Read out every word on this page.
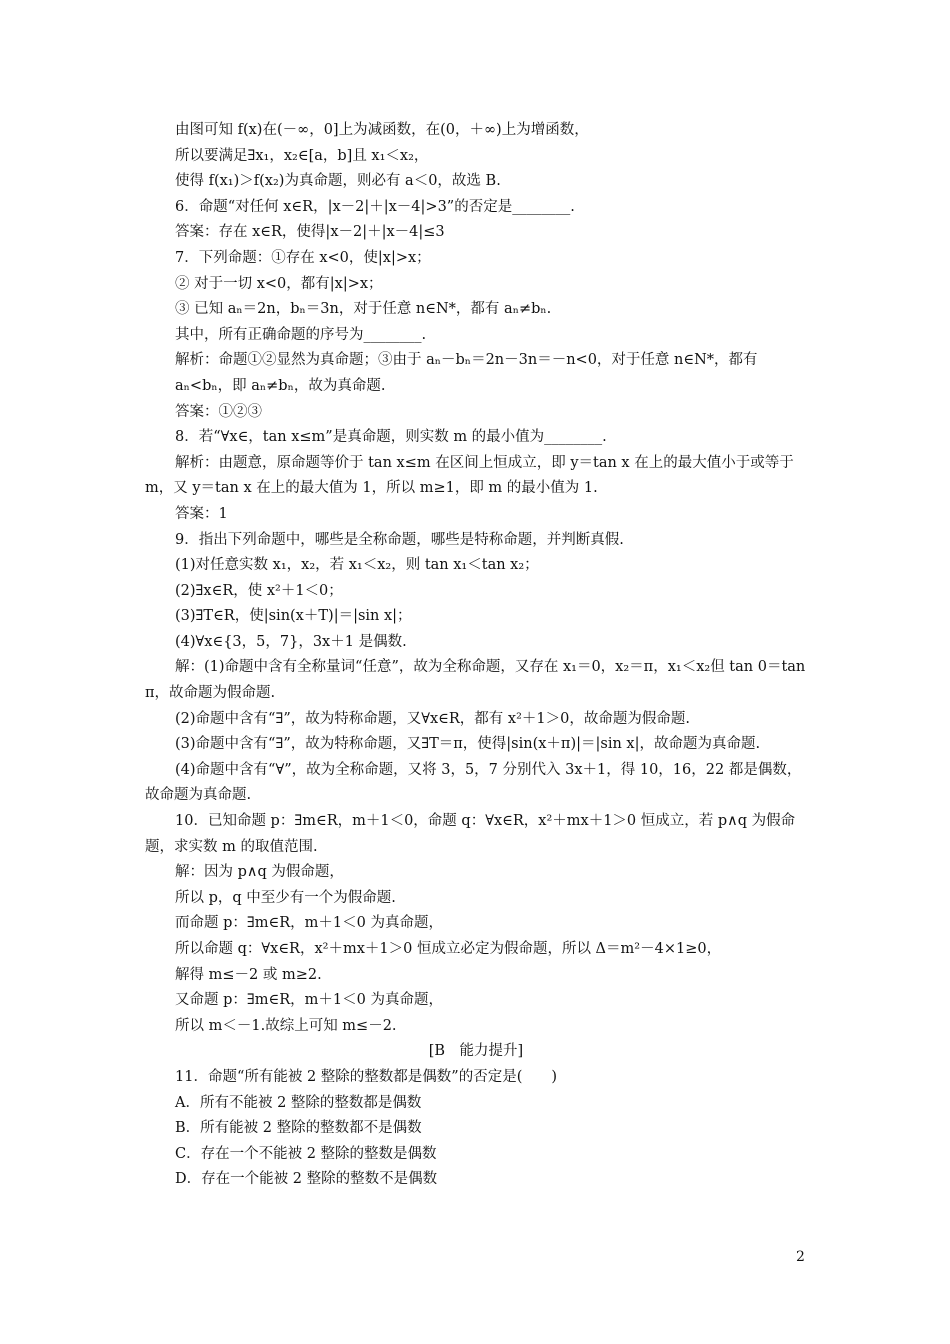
由图可知 f(x)在(－∞，0]上为减函数，在(0，＋∞)上为增函数，
所以要满足∃x₁，x₂∈[a，b]且 x₁＜x₂，
使得 f(x₁)＞f(x₂)为真命题，则必有 a＜0，故选 B.
6．命题“对任何 x∈R，|x－2|＋|x－4|>3”的否定是________.
答案：存在 x∈R，使得|x－2|＋|x－4|≤3
7．下列命题：①存在 x<0，使|x|>x；
② 对于一切 x<0，都有|x|>x；
③ 已知 aₙ＝2n，bₙ＝3n，对于任意 n∈N*，都有 aₙ≠bₙ.
其中，所有正确命题的序号为________.
解析：命题①②显然为真命题；③由于 aₙ－bₙ＝2n－3n＝－n<0，对于任意 n∈N*，都有 aₙ<bₙ，即 aₙ≠bₙ，故为真命题.
答案：①②③
8．若“∀x∈，tan x≤m”是真命题，则实数 m 的最小值为________.
解析：由题意，原命题等价于 tan x≤m 在区间上恒成立，即 y＝tan x 在上的最大值小于或等于 m，又 y＝tan x 在上的最大值为 1，所以 m≥1，即 m 的最小值为 1.
答案：1
9．指出下列命题中，哪些是全称命题，哪些是特称命题，并判断真假.
(1)对任意实数 x₁，x₂，若 x₁＜x₂，则 tan x₁＜tan x₂；
(2)∃x∈R，使 x²＋1＜0；
(3)∃T∈R，使|sin(x＋T)|＝|sin x|；
(4)∀x∈{3，5，7}，3x＋1 是偶数.
解：(1)命题中含有全称量词“任意”，故为全称命题，又存在 x₁＝0，x₂＝π，x₁＜x₂但 tan 0＝tan π，故命题为假命题.
(2)命题中含有“∃”，故为特称命题，又∀x∈R，都有 x²＋1＞0，故命题为假命题.
(3)命题中含有“∃”，故为特称命题，又∃T＝π，使得|sin(x＋π)|＝|sin x|，故命题为真命题.
(4)命题中含有“∀”，故为全称命题，又将 3，5，7 分别代入 3x＋1，得 10，16，22 都是偶数，故命题为真命题.
10．已知命题 p：∃m∈R，m＋1＜0，命题 q：∀x∈R，x²＋mx＋1＞0 恒成立，若 p∧q 为假命题，求实数 m 的取值范围.
解：因为 p∧q 为假命题，
所以 p，q 中至少有一个为假命题.
而命题 p：∃m∈R，m＋1＜0 为真命题，
所以命题 q：∀x∈R，x²＋mx＋1＞0 恒成立必定为假命题，所以 Δ＝m²－4×1≥0，
解得 m≤－2 或 m≥2.
又命题 p：∃m∈R，m＋1＜0 为真命题，
所以 m＜－1.故综上可知 m≤－2.
[B　能力提升]
11．命题“所有能被 2 整除的整数都是偶数”的否定是(　　)
A．所有不能被 2 整除的整数都是偶数
B．所有能被 2 整除的整数都不是偶数
C．存在一个不能被 2 整除的整数是偶数
D．存在一个能被 2 整除的整数不是偶数
2
